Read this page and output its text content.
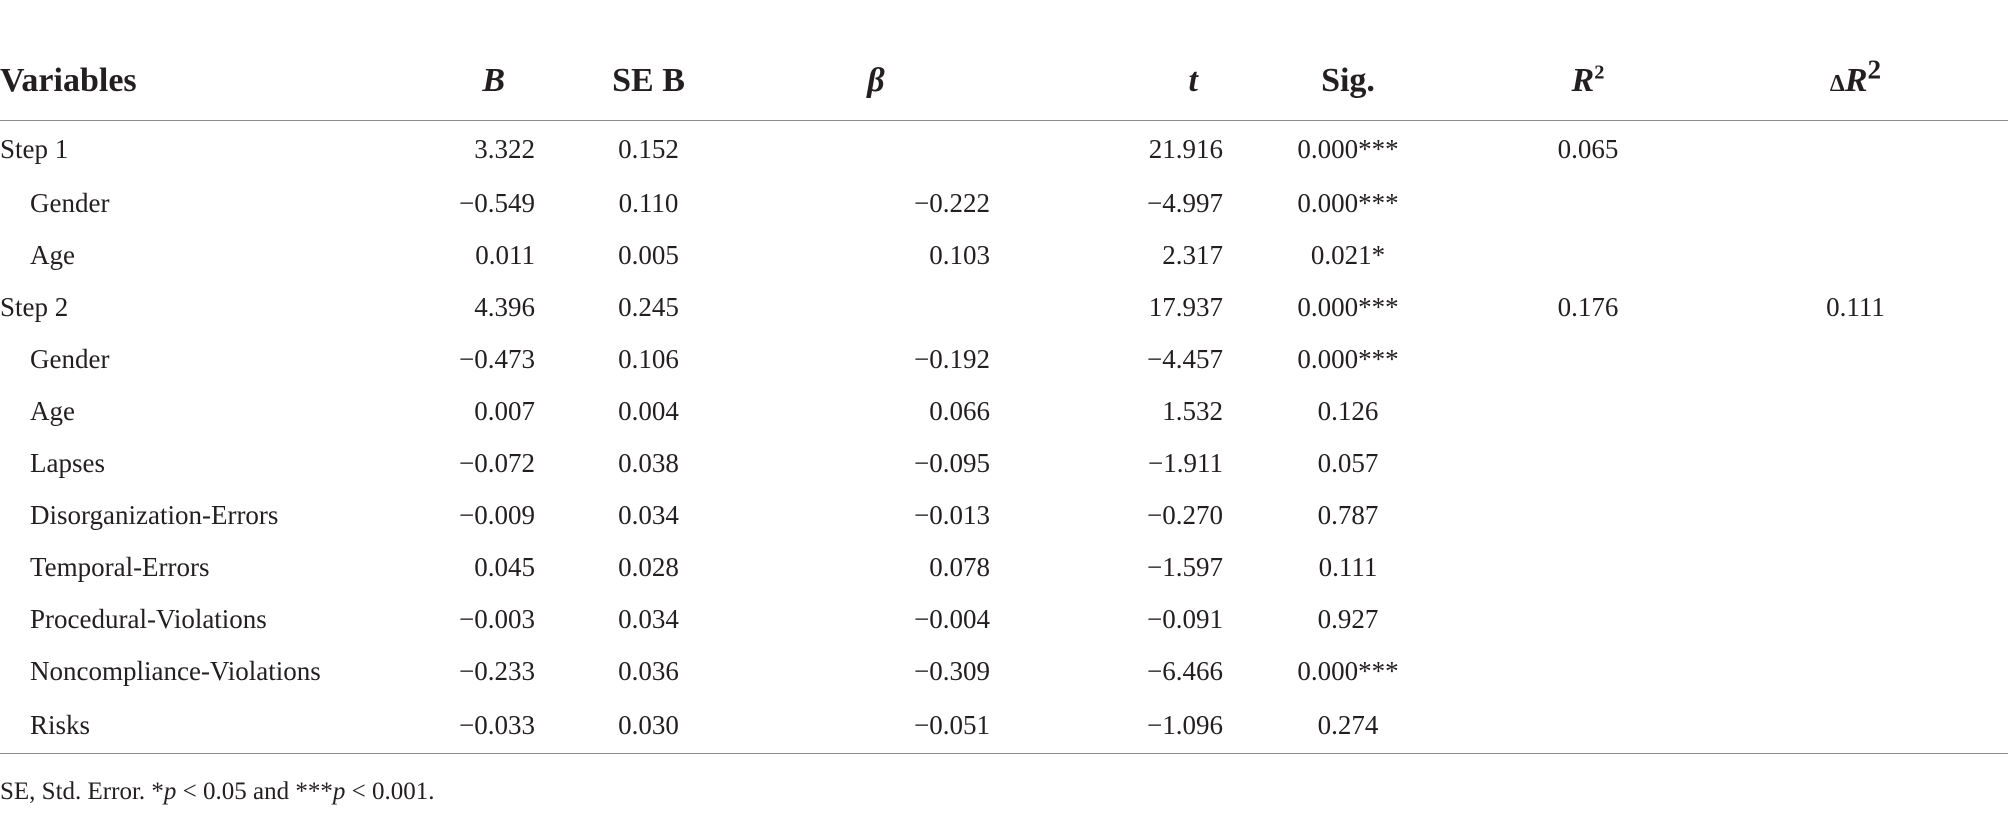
Variables	B	SE B	β	t	Sig.	$R^2$	$\Delta R^2$
Step 1	3.322	0.152		21.916	0.000***	0.065	
Gender	−0.549	0.110	−0.222	−4.997	0.000***		
Age	0.011	0.005	0.103	2.317	0.021*		
Step 2	4.396	0.245		17.937	0.000***	0.176	0.111
Gender	−0.473	0.106	−0.192	−4.457	0.000***		
Age	0.007	0.004	0.066	1.532	0.126		
Lapses	−0.072	0.038	−0.095	−1.911	0.057		
Disorganization-Errors	−0.009	0.034	−0.013	−0.270	0.787		
Temporal-Errors	0.045	0.028	0.078	−1.597	0.111		
Procedural-Violations	−0.003	0.034	−0.004	−0.091	0.927		
Noncompliance-Violations	−0.233	0.036	−0.309	−6.466	0.000***		
Risks	−0.033	0.030	−0.051	−1.096	0.274		
SE, Std. Error. *p < 0.05 and ***p < 0.001.
